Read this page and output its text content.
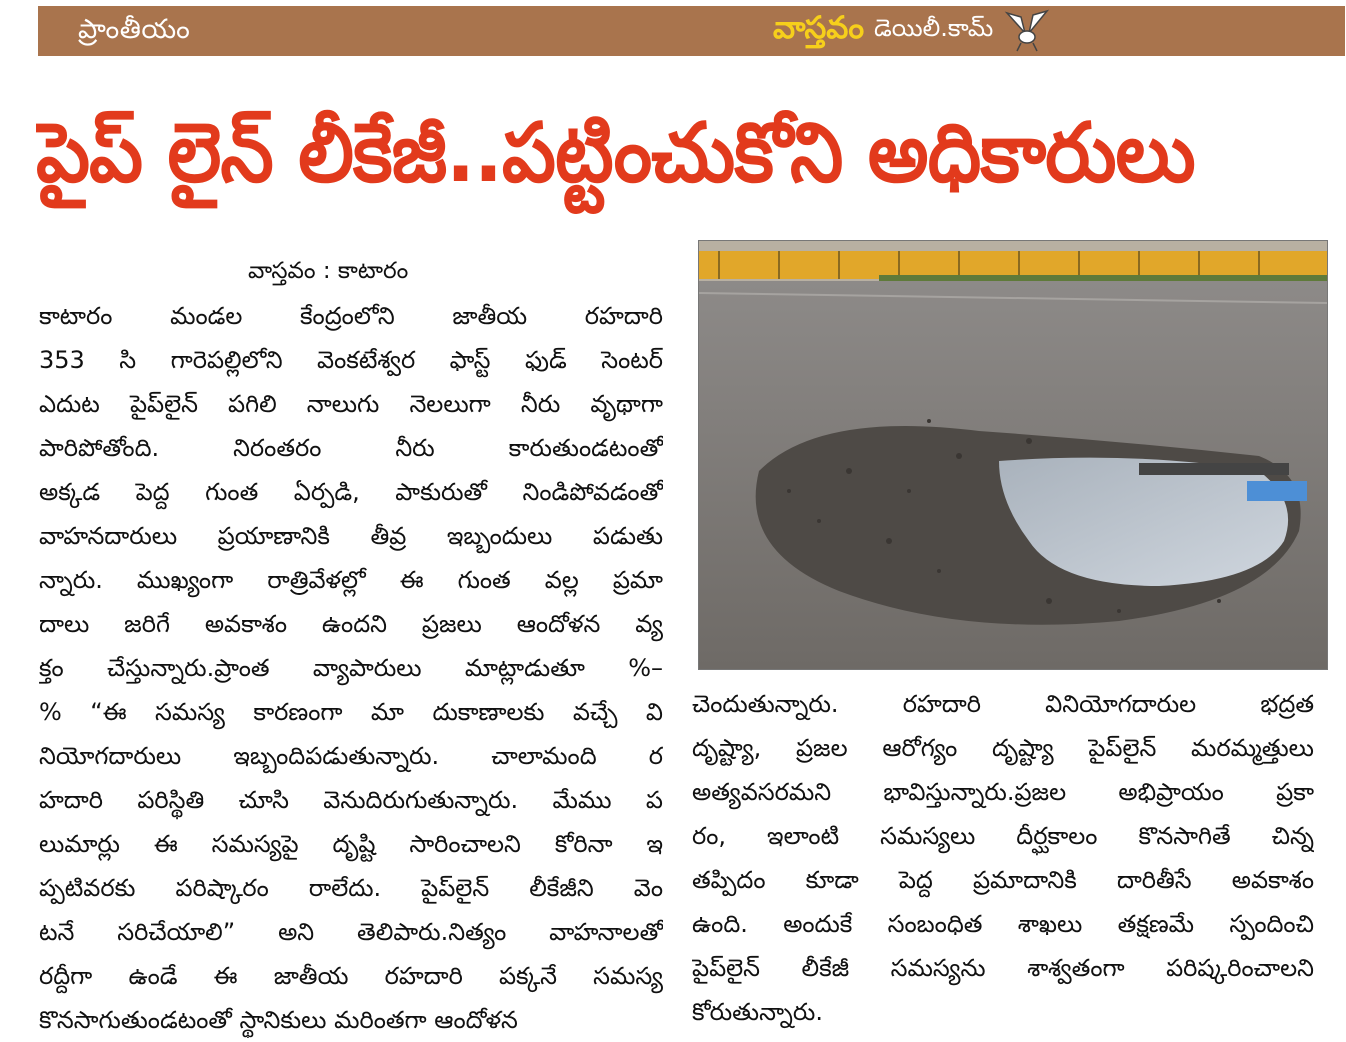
ప్రాంతీయం	వాస్తవం డెయిలీ.కామ్
పైప్ లైన్ లీకేజీ..పట్టించుకోని అధికారులు
వాస్తవం : కాటారం
కాటారం మండల కేంద్రంలోని జాతీయ రహదారి
353 సి గారెపల్లిలోని వెంకటేశ్వర ఫాస్ట్ ఫుడ్ సెంటర్
ఎదుట పైప్‌లైన్ పగిలి నాలుగు నెలలుగా నీరు వృథాగా
పారిపోతోంది. నిరంతరం నీరు కారుతుండటంతో
అక్కడ పెద్ద గుంత ఏర్పడి, పాకురుతో నిండిపోవడంతో
వాహనదారులు ప్రయాణానికి తీవ్ర ఇబ్బందులు పడుతు
న్నారు. ముఖ్యంగా రాత్రివేళల్లో ఈ గుంత వల్ల ప్రమా
దాలు జరిగే అవకాశం ఉందని ప్రజలు ఆందోళన వ్య
క్తం చేస్తున్నారు.ప్రాంత వ్యాపారులు మాట్లాడుతూ %–
% “ఈ సమస్య కారణంగా మా దుకాణాలకు వచ్చే వి
నియోగదారులు ఇబ్బందిపడుతున్నారు. చాలామంది ర
హదారి పరిస్థితి చూసి వెనుదిరుగుతున్నారు. మేము ప
లుమార్లు ఈ సమస్యపై దృష్టి సారించాలని కోరినా ఇ
ప్పటివరకు పరిష్కారం రాలేదు. పైప్‌లైన్ లీకేజీని వెం
టనే సరిచేయాలి” అని తెలిపారు.నిత్యం వాహనాలతో
రద్దీగా ఉండే ఈ జాతీయ రహదారి పక్కనే సమస్య
కొనసాగుతుండటంతో స్థానికులు మరింతగా ఆందోళన
చెందుతున్నారు. రహదారి వినియోగదారుల భద్రత
దృష్ట్యా, ప్రజల ఆరోగ్యం దృష్ట్యా పైప్‌లైన్ మరమ్మత్తులు
అత్యవసరమని భావిస్తున్నారు.ప్రజల అభిప్రాయం ప్రకా
రం, ఇలాంటి సమస్యలు దీర్ఘకాలం కొనసాగితే చిన్న
తప్పిదం కూడా పెద్ద ప్రమాదానికి దారితీసే అవకాశం
ఉంది. అందుకే సంబంధిత శాఖలు తక్షణమే స్పందించి
పైప్‌లైన్ లీకేజీ సమస్యను శాశ్వతంగా పరిష్కరించాలని
కోరుతున్నారు.
